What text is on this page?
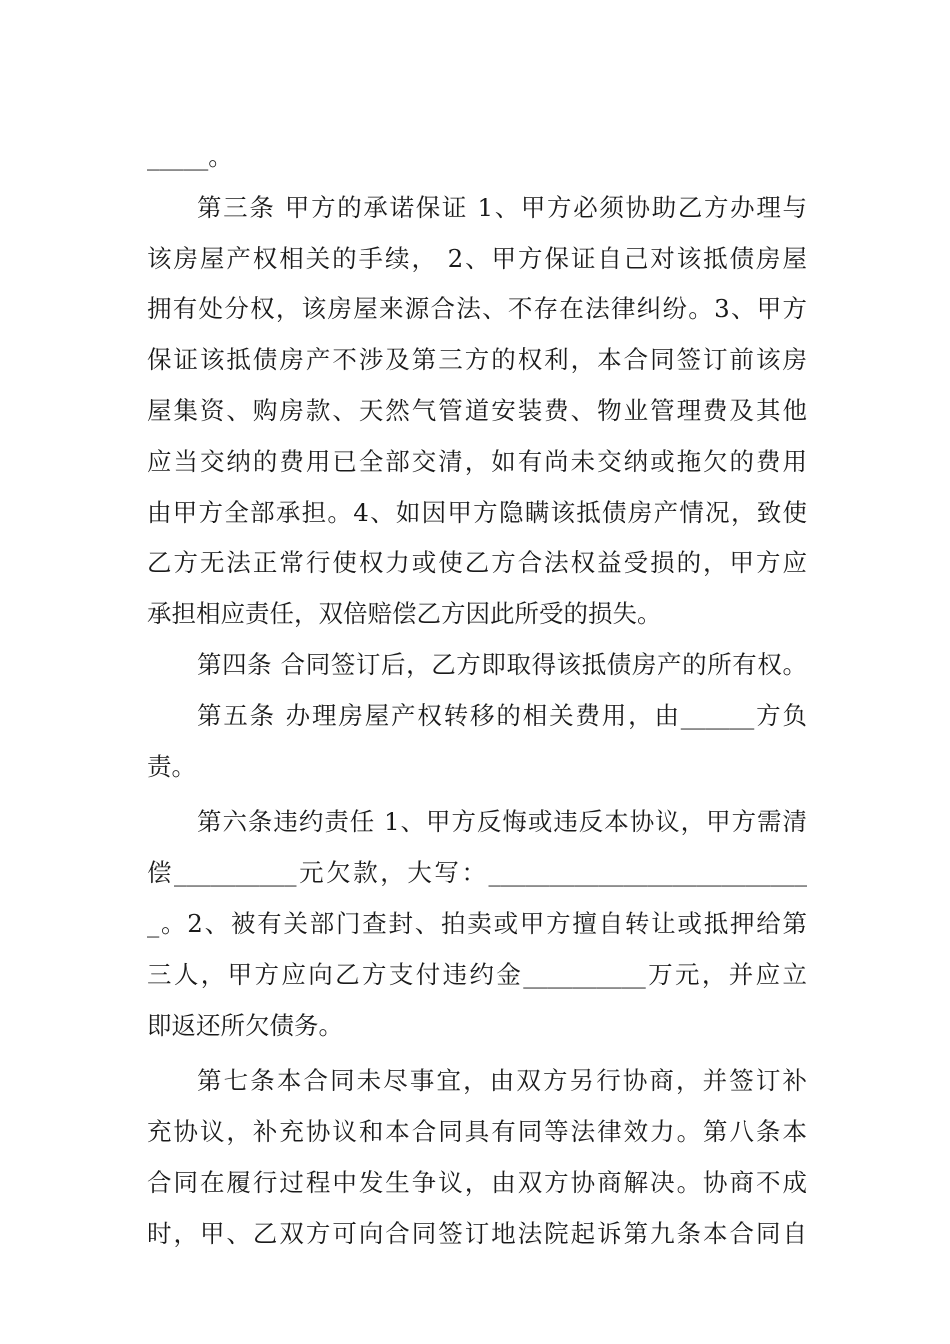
_____。
第三条 甲方的承诺保证 1、甲方必须协助乙方办理与
该房屋产权相关的手续， 2、甲方保证自己对该抵债房屋
拥有处分权，该房屋来源合法、不存在法律纠纷。3、甲方
保证该抵债房产不涉及第三方的权利，本合同签订前该房
屋集资、购房款、天然气管道安装费、物业管理费及其他
应当交纳的费用已全部交清，如有尚未交纳或拖欠的费用
由甲方全部承担。4、如因甲方隐瞒该抵债房产情况，致使
乙方无法正常行使权力或使乙方合法权益受损的，甲方应
承担相应责任，双倍赔偿乙方因此所受的损失。
第四条 合同签订后，乙方即取得该抵债房产的所有权。
第五条 办理房屋产权转移的相关费用，由______方负
责。
第六条违约责任 1、甲方反悔或违反本协议，甲方需清
偿__________元欠款，大写：__________________________
_。2、被有关部门查封、拍卖或甲方擅自转让或抵押给第
三人，甲方应向乙方支付违约金__________万元，并应立
即返还所欠债务。
第七条本合同未尽事宜，由双方另行协商，并签订补
充协议，补充协议和本合同具有同等法律效力。第八条本
合同在履行过程中发生争议，由双方协商解决。协商不成
时，甲、乙双方可向合同签订地法院起诉第九条本合同自
